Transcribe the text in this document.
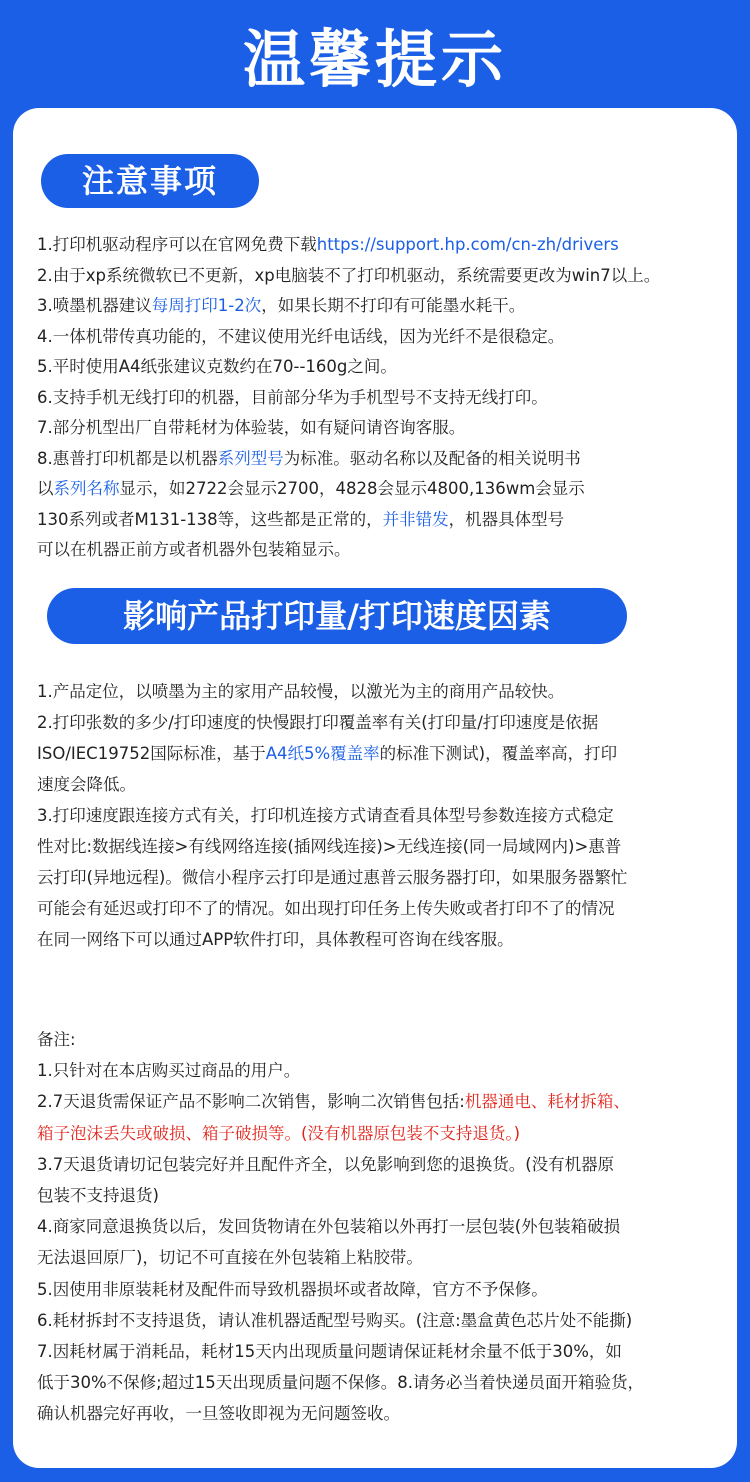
温馨提示
注意事项

1.打印机驱动程序可以在官网免费下载https://support.hp.com/cn-zh/drivers

2.由于xp系统微软已不更新，xp电脑装不了打印机驱动，系统需要更改为win7以上。

3.喷墨机器建议每周打印1-2次，如果长期不打印有可能墨水耗干。

4.一体机带传真功能的，不建议使用光纤电话线，因为光纤不是很稳定。

5.平时使用A4纸张建议克数约在70--160g之间。

6.支持手机无线打印的机器，目前部分华为手机型号不支持无线打印。

7.部分机型出厂自带耗材为体验装，如有疑问请咨询客服。

8.惠普打印机都是以机器系列型号为标准。驱动名称以及配备的相关说明书

以系列名称显示，如2722会显示2700，4828会显示4800,136wm会显示

130系列或者M131-138等，这些都是正常的，并非错发，机器具体型号

可以在机器正前方或者机器外包装箱显示。

影响产品打印量/打印速度因素

1.产品定位，以喷墨为主的家用产品较慢，以激光为主的商用产品较快。

2.打印张数的多少/打印速度的快慢跟打印覆盖率有关(打印量/打印速度是依据

ISO/IEC19752国际标准，基于A4纸5%覆盖率的标准下测试)，覆盖率高，打印

速度会降低。

3.打印速度跟连接方式有关，打印机连接方式请查看具体型号参数连接方式稳定

性对比:数据线连接>有线网络连接(插网线连接)>无线连接(同一局域网内)>惠普

云打印(异地远程)。微信小程序云打印是通过惠普云服务器打印，如果服务器繁忙

可能会有延迟或打印不了的情况。如出现打印任务上传失败或者打印不了的情况

在同一网络下可以通过APP软件打印，具体教程可咨询在线客服。

备注:

1.只针对在本店购买过商品的用户。

2.7天退货需保证产品不影响二次销售，影响二次销售包括:机器通电、耗材拆箱、

箱子泡沫丢失或破损、箱子破损等。(没有机器原包装不支持退货。)

3.7天退货请切记包装完好并且配件齐全，以免影响到您的退换货。(没有机器原

包装不支持退货)

4.商家同意退换货以后，发回货物请在外包装箱以外再打一层包装(外包装箱破损

无法退回原厂)，切记不可直接在外包装箱上粘胶带。

5.因使用非原装耗材及配件而导致机器损坏或者故障，官方不予保修。

6.耗材拆封不支持退货，请认准机器适配型号购买。(注意:墨盒黄色芯片处不能撕)

7.因耗材属于消耗品，耗材15天内出现质量问题请保证耗材余量不低于30%，如

低于30%不保修;超过15天出现质量问题不保修。8.请务必当着快递员面开箱验货，

确认机器完好再收，一旦签收即视为无问题签收。
